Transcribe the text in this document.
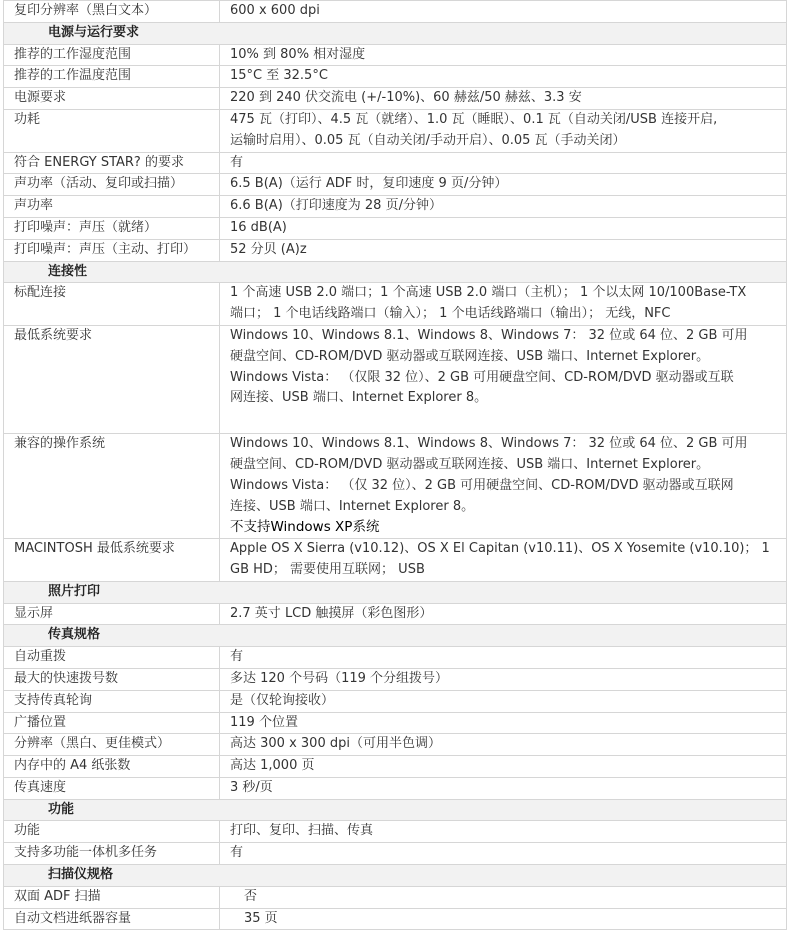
复印分辨率（黑白文本）	600 x 600 dpi

电源与运行要求	
推荐的工作湿度范围	10% 到 80% 相对湿度

推荐的工作温度范围	15°C 至 32.5°C

电源要求	220 到 240 伏交流电 (+/-10%)、60 赫兹/50 赫兹、3.3 安

功耗	475 瓦（打印）、4.5 瓦（就绪）、1.0 瓦（睡眠）、0.1 瓦（自动关闭/USB 连接开启,
运输时启用）、0.05 瓦（自动关闭/手动开启）、0.05 瓦（手动关闭）

符合 ENERGY STAR? 的要求	有

声功率（活动、复印或扫描）	6.5 B(A)（运行 ADF 时，复印速度 9 页/分钟）

声功率	6.6 B(A)（打印速度为 28 页/分钟）

打印噪声：声压（就绪）	16 dB(A)

打印噪声：声压（主动、打印）	52 分贝 (A)z

连接性	
标配连接	1 个高速 USB 2.0 端口；1 个高速 USB 2.0 端口（主机）； 1 个以太网 10/100Base-TX
端口； 1 个电话线路端口（输入）； 1 个电话线路端口（输出）； 无线，NFC

最低系统要求	Windows 10、Windows 8.1、Windows 8、Windows 7： 32 位或 64 位、2 GB 可用
硬盘空间、CD-ROM/DVD 驱动器或互联网连接、USB 端口、Internet Explorer。
Windows Vista： （仅限 32 位）、2 GB 可用硬盘空间、CD-ROM/DVD 驱动器或互联
网连接、USB 端口、Internet Explorer 8。

兼容的操作系统	Windows 10、Windows 8.1、Windows 8、Windows 7： 32 位或 64 位、2 GB 可用
硬盘空间、CD-ROM/DVD 驱动器或互联网连接、USB 端口、Internet Explorer。
Windows Vista： （仅 32 位）、2 GB 可用硬盘空间、CD-ROM/DVD 驱动器或互联网
连接、USB 端口、Internet Explorer 8。
不支持Windows XP系统

MACINTOSH 最低系统要求	Apple OS X Sierra (v10.12)、OS X El Capitan (v10.11)、OS X Yosemite (v10.10)； 1
GB HD； 需要使用互联网； USB

照片打印	
显示屏	2.7 英寸 LCD 触摸屏（彩色图形）

传真规格	
自动重拨	有

最大的快速拨号数	多达 120 个号码（119 个分组拨号）

支持传真轮询	是（仅轮询接收）

广播位置	119 个位置

分辨率（黑白、更佳模式）	高达 300 x 300 dpi（可用半色调）

内存中的 A4 纸张数	高达 1,000 页

传真速度	3 秒/页

功能	
功能	打印、复印、扫描、传真

支持多功能一体机多任务	有

扫描仪规格	
双面 ADF 扫描	否

自动文档进纸器容量	35 页
